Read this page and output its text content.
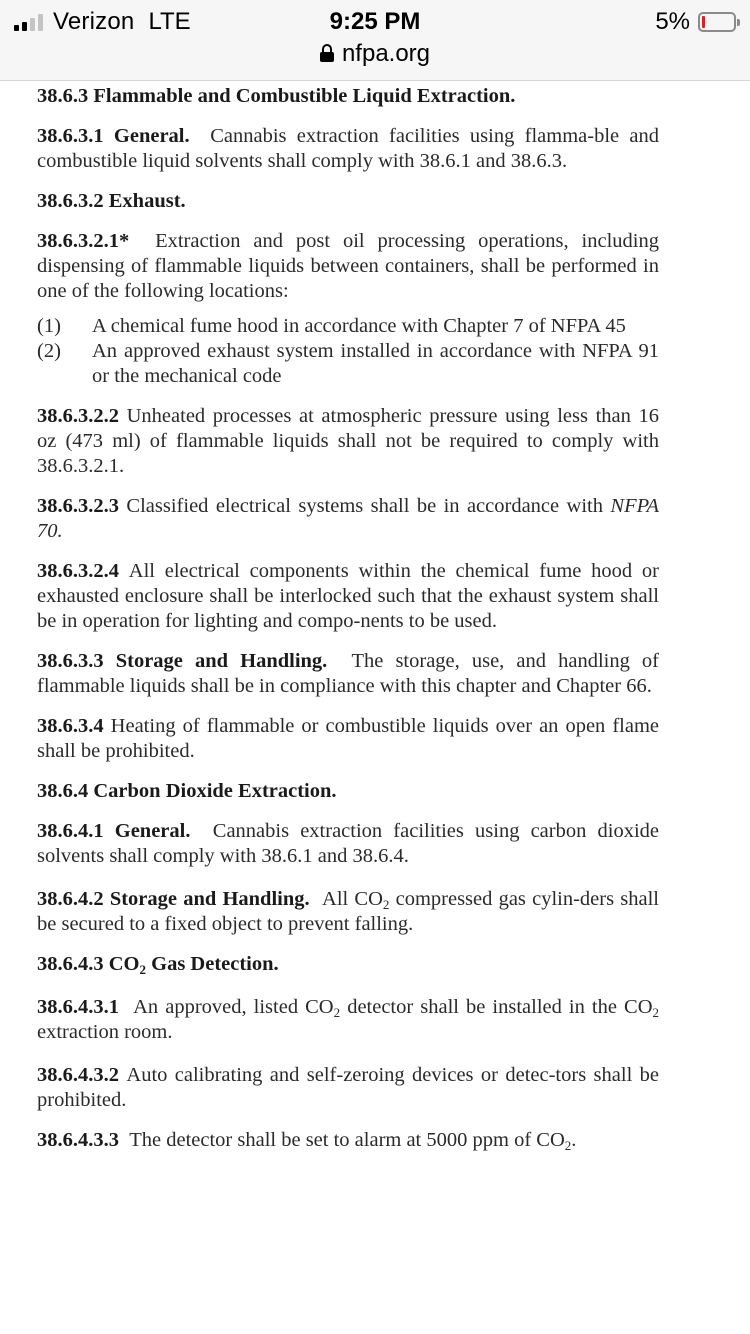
Verizon LTE	9:25 PM
nfpa.org
5%

38.6.3 Flammable and Combustible Liquid Extraction.

38.6.3.1 General. Cannabis extraction facilities using flamma-ble and combustible liquid solvents shall comply with 38.6.1 and 38.6.3.

38.6.3.2 Exhaust.

38.6.3.2.1* Extraction and post oil processing operations, including dispensing of flammable liquids between containers, shall be performed in one of the following locations:

(1)	A chemical fume hood in accordance with Chapter 7 of NFPA 45
(2)	An approved exhaust system installed in accordance with NFPA 91 or the mechanical code

38.6.3.2.2 Unheated processes at atmospheric pressure using less than 16 oz (473 ml) of flammable liquids shall not be required to comply with 38.6.3.2.1.

38.6.3.2.3 Classified electrical systems shall be in accordance with NFPA 70.

38.6.3.2.4 All electrical components within the chemical fume hood or exhausted enclosure shall be interlocked such that the exhaust system shall be in operation for lighting and compo-nents to be used.

38.6.3.3 Storage and Handling. The storage, use, and handling of flammable liquids shall be in compliance with this chapter and Chapter 66.

38.6.3.4 Heating of flammable or combustible liquids over an open flame shall be prohibited.

38.6.4 Carbon Dioxide Extraction.

38.6.4.1 General. Cannabis extraction facilities using carbon dioxide solvents shall comply with 38.6.1 and 38.6.4.

38.6.4.2 Storage and Handling. All $CO_2$ compressed gas cylin-ders shall be secured to a fixed object to prevent falling.

38.6.4.3 $CO_2$ Gas Detection.

38.6.4.3.1 An approved, listed $CO_2$ detector shall be installed in the $CO_2$ extraction room.

38.6.4.3.2 Auto calibrating and self-zeroing devices or detec-tors shall be prohibited.

38.6.4.3.3 The detector shall be set to alarm at 5000 ppm of $CO_2$.
